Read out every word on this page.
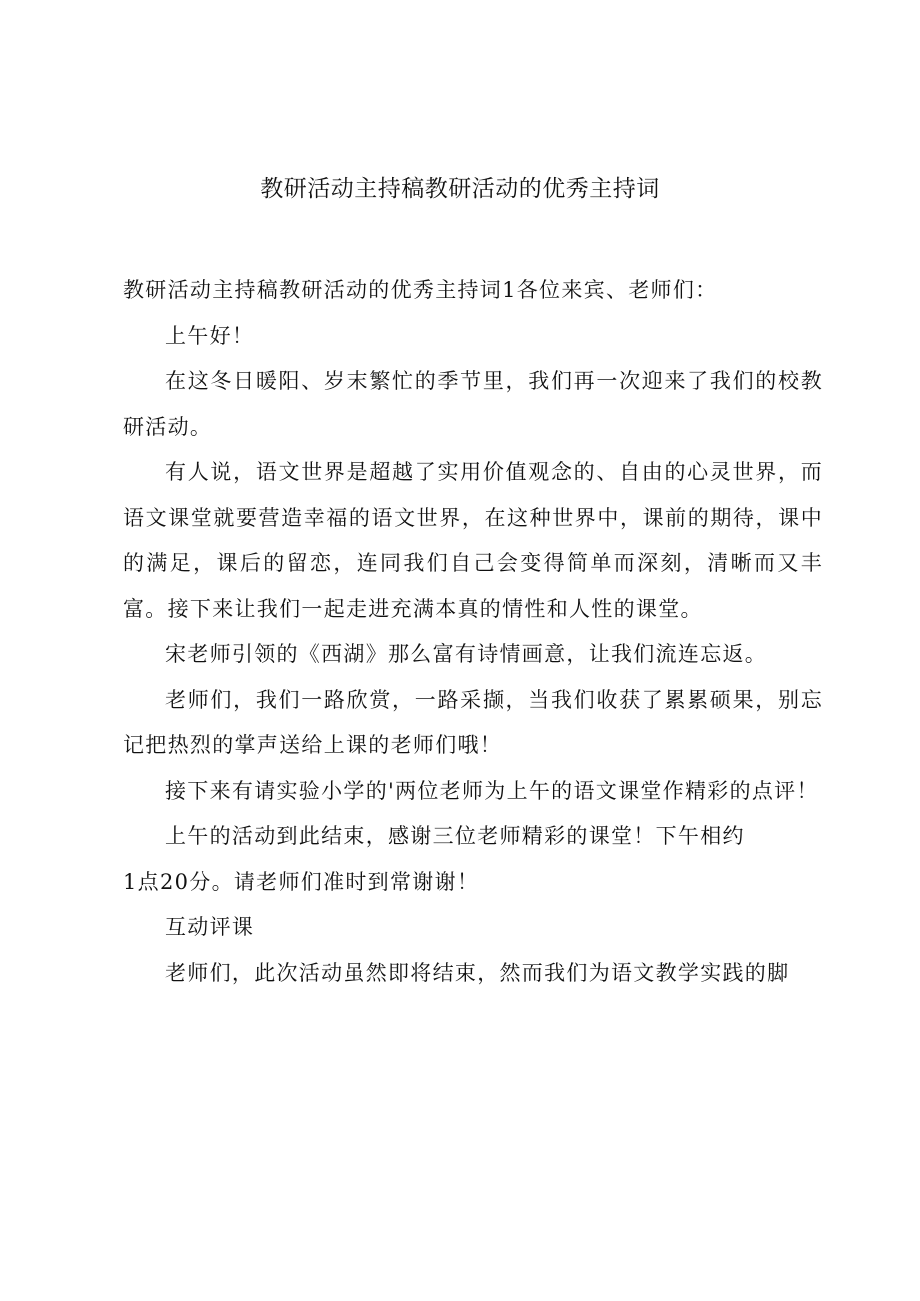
教研活动主持稿教研活动的优秀主持词

教研活动主持稿教研活动的优秀主持词1各位来宾、老师们：

上午好！

在这冬日暖阳、岁末繁忙的季节里，我们再一次迎来了我们的校教研活动。

有人说，语文世界是超越了实用价值观念的、自由的心灵世界，而语文课堂就要营造幸福的语文世界，在这种世界中，课前的期待，课中的满足，课后的留恋，连同我们自己会变得简单而深刻，清晰而又丰富。接下来让我们一起走进充满本真的情性和人性的课堂。

宋老师引领的《西湖》那么富有诗情画意，让我们流连忘返。

老师们，我们一路欣赏，一路采撷，当我们收获了累累硕果，别忘记把热烈的掌声送给上课的老师们哦！

接下来有请实验小学的'两位老师为上午的语文课堂作精彩的点评！

上午的活动到此结束，感谢三位老师精彩的课堂！下午相约

1点20分。请老师们准时到常谢谢！

互动评课

老师们，此次活动虽然即将结束，然而我们为语文教学实践的脚
